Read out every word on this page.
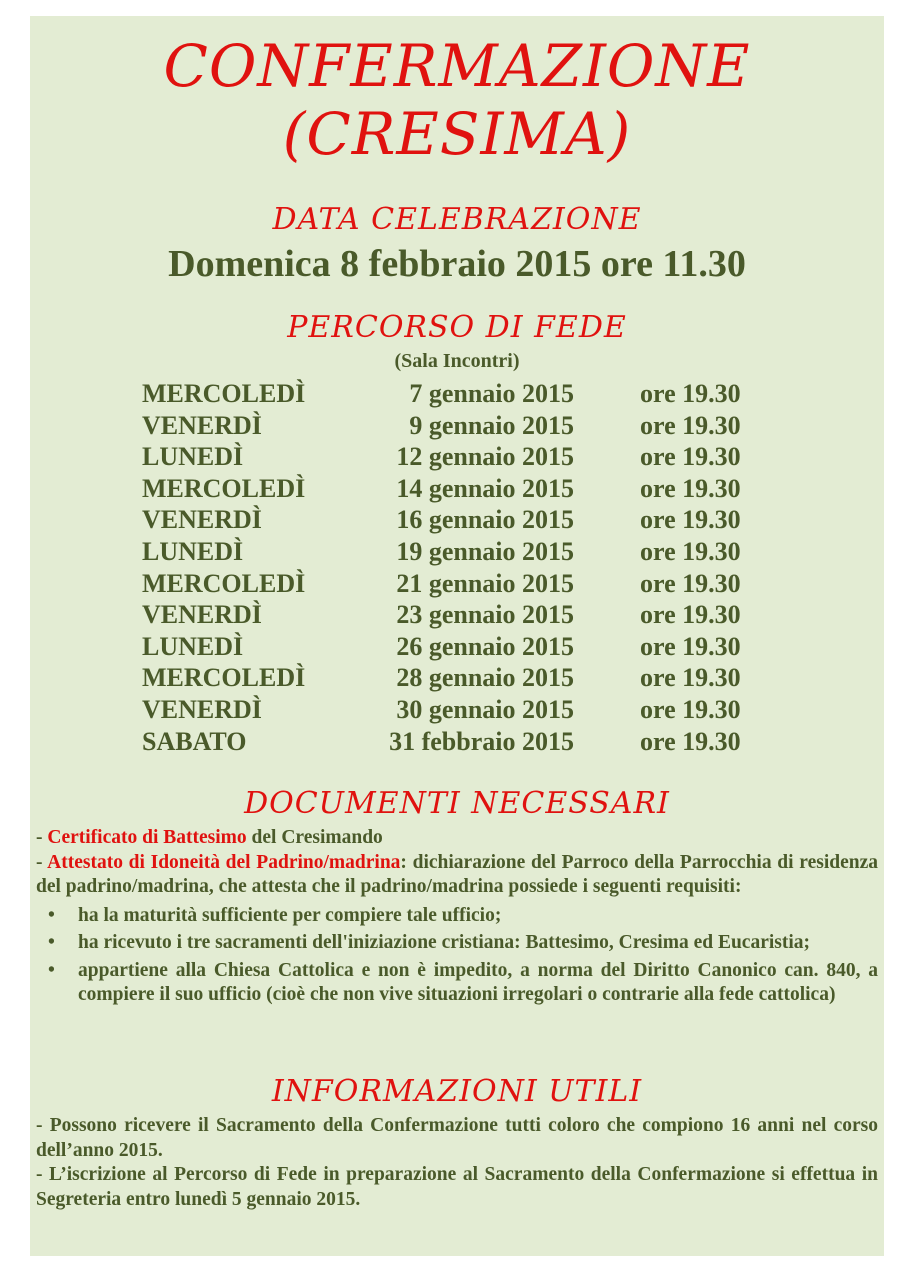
CONFERMAZIONE
(CRESIMA)
DATA CELEBRAZIONE
Domenica 8 febbraio 2015 ore 11.30
PERCORSO DI FEDE
(Sala Incontri)
MERCOLEDÌ	7 gennaio 2015	ore 19.30
VENERDÌ	9 gennaio 2015	ore 19.30
LUNEDÌ	12 gennaio 2015	ore 19.30
MERCOLEDÌ	14 gennaio 2015	ore 19.30
VENERDÌ	16 gennaio 2015	ore 19.30
LUNEDÌ	19 gennaio 2015	ore 19.30
MERCOLEDÌ	21 gennaio 2015	ore 19.30
VENERDÌ	23 gennaio 2015	ore 19.30
LUNEDÌ	26 gennaio 2015	ore 19.30
MERCOLEDÌ	28 gennaio 2015	ore 19.30
VENERDÌ	30 gennaio 2015	ore 19.30
SABATO	31 febbraio 2015	ore 19.30
DOCUMENTI NECESSARI

- Certificato di Battesimo del Cresimando

- Attestato di Idoneità del Padrino/madrina: dichiarazione del Parroco della Parrocchia di residenza del padrino/madrina, che attesta che il padrino/madrina possiede i seguenti requisiti:

• ha la maturità sufficiente per compiere tale ufficio;
• ha ricevuto i tre sacramenti dell'iniziazione cristiana: Battesimo, Cresima ed Eucaristia;
• appartiene alla Chiesa Cattolica e non è impedito, a norma del Diritto Canonico can. 840, a compiere il suo ufficio (cioè che non vive situazioni irregolari o contrarie alla fede cattolica)
INFORMAZIONI UTILI

- Possono ricevere il Sacramento della Confermazione tutti coloro che compiono 16 anni nel corso dell’anno 2015.

- L’iscrizione al Percorso di Fede in preparazione al Sacramento della Confermazione si effettua in Segreteria entro lunedì 5 gennaio 2015.
